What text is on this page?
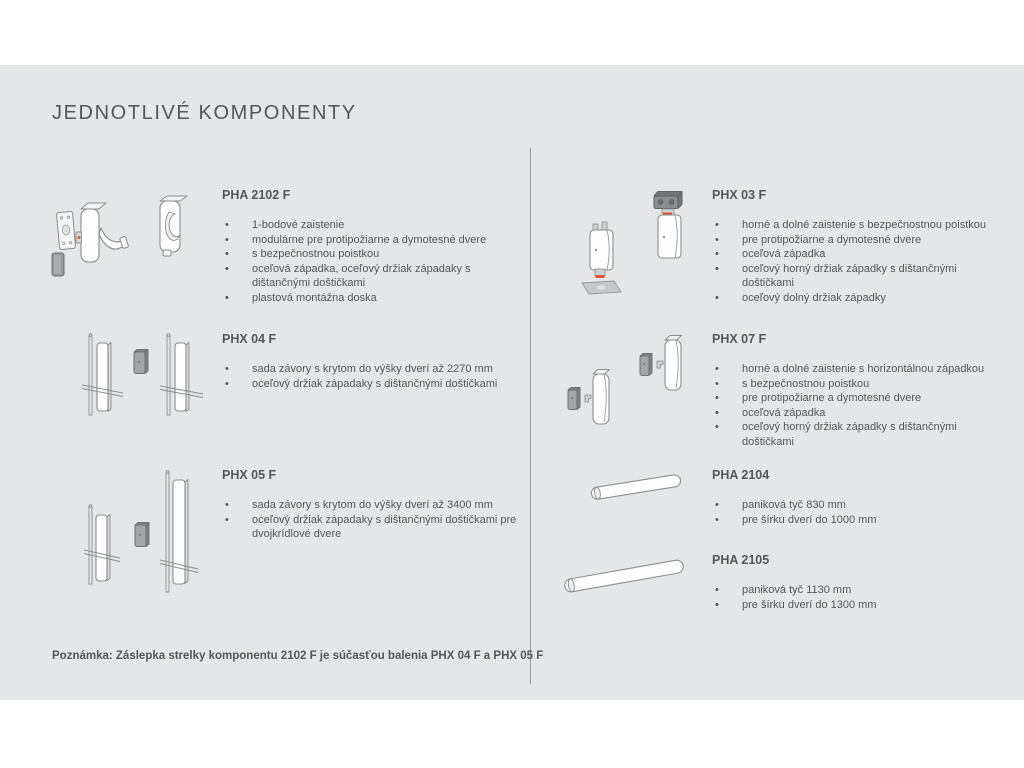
JEDNOTLIVÉ KOMPONENTY
PHA 2102 F
• 1-bodové zaistenie
• modulárne pre protipožiarne a dymotesné dvere
• s bezpečnostnou poistkou
• oceľová západka, oceľový držiak západaky s dištančnými doštičkami
• plastová montážna doska
PHX 04 F
• sada závory s krytom do výšky dverí až 2270 mm
• oceľový držiak západaky s dištančnými doštičkami
PHX 05 F
• sada závory s krytom do výšky dverí až 3400 mm
• oceľový držiak západaky s dištančnými doštičkami pre dvojkrídlové dvere
PHX 03 F
• horné a dolné zaistenie s bezpečnostnou poistkou
• pre protipožiarne a dymotesné dvere
• oceľová západka
• oceľový horný držiak západky s dištančnými doštičkami
• oceľový dolný držiak západky
PHX 07 F
• horné a dolné zaistenie s horizontálnou západkou
• s bezpečnostnou poistkou
• pre protipožiarne a dymotesné dvere
• oceľová západka
• oceľový horný držiak západky s dištančnými doštičkami
PHA 2104
• paniková tyč 830 mm
• pre šírku dverí do 1000 mm
PHA 2105
• paniková tyč 1130 mm
• pre šírku dverí do 1300 mm

Poznámka: Záslepka strelky komponentu 2102 F je súčasťou balenia PHX 04 F a PHX 05 F
